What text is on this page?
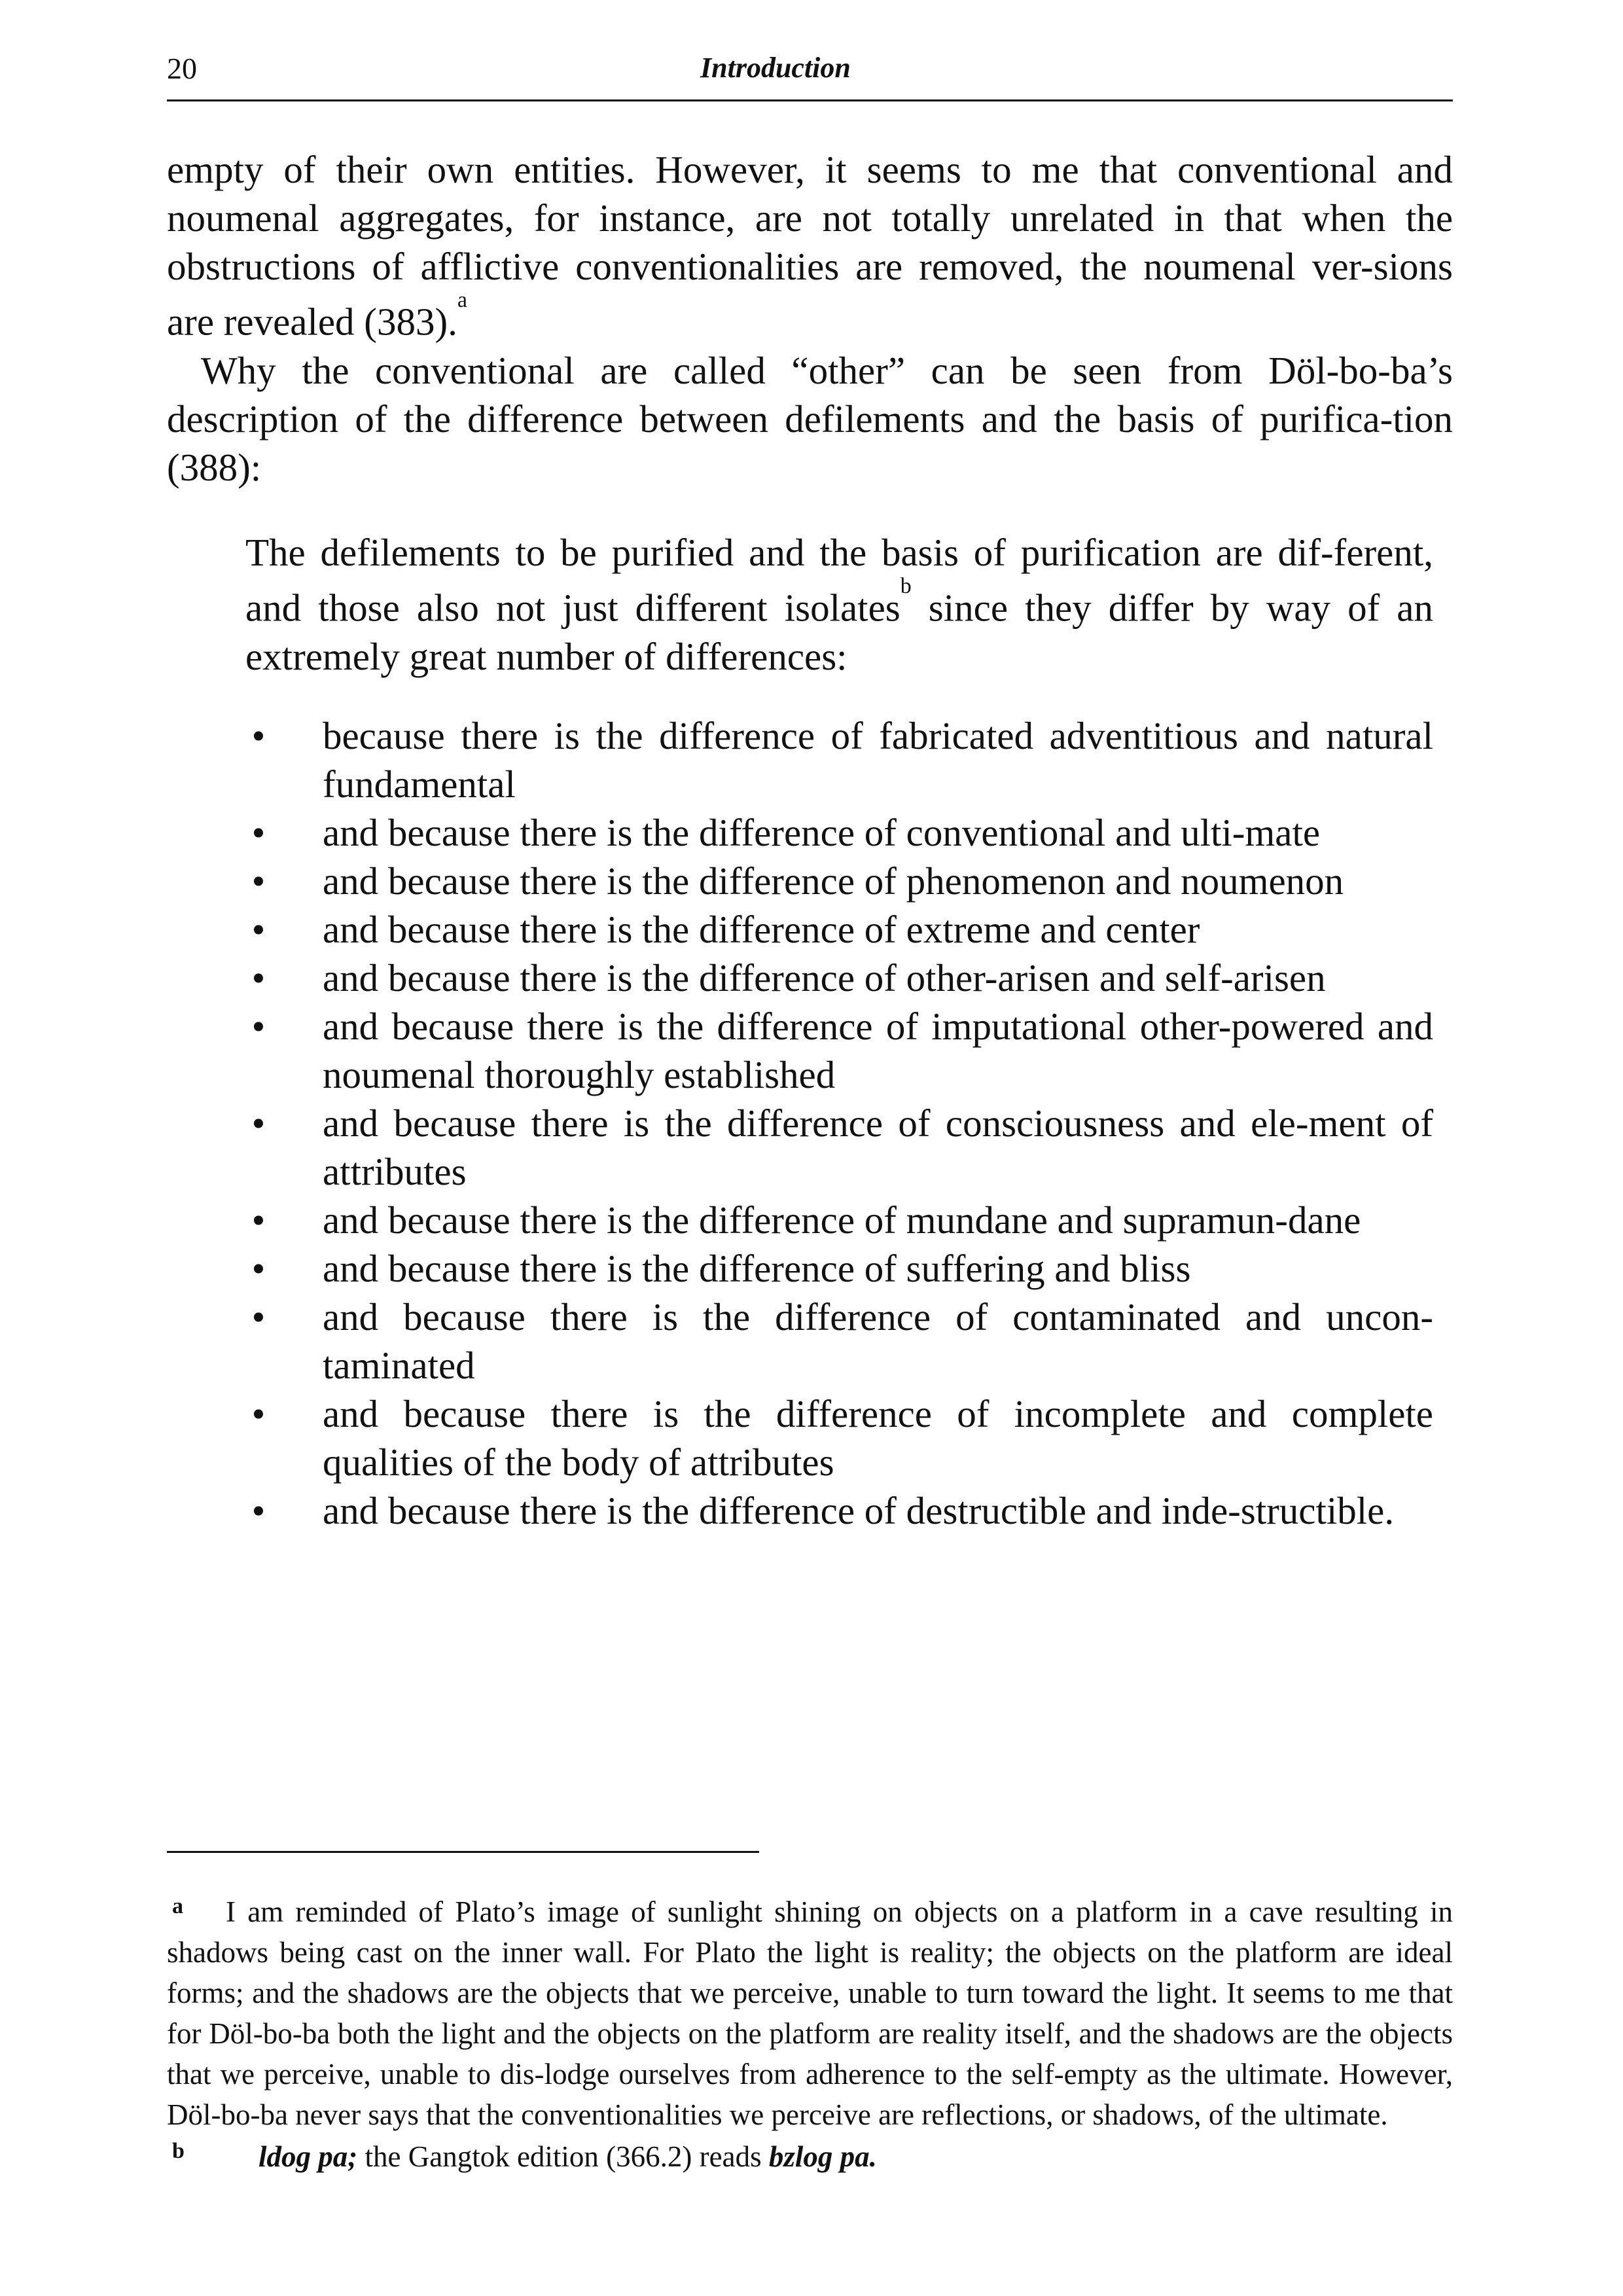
20	Introduction

empty of their own entities. However, it seems to me that conventional and noumenal aggregates, for instance, are not totally unrelated in that when the obstructions of afflictive conventionalities are removed, the noumenal ver-sions are revealed (383).$^a$

Why the conventional are called “other” can be seen from Döl-bo-ba’s description of the difference between defilements and the basis of purifica-tion (388):

The defilements to be purified and the basis of purification are dif-ferent, and those also not just different isolates$^b$ since they differ by way of an extremely great number of differences:

• because there is the difference of fabricated adventitious and natural fundamental
• and because there is the difference of conventional and ulti-mate
• and because there is the difference of phenomenon and noumenon
• and because there is the difference of extreme and center
• and because there is the difference of other-arisen and self-arisen
• and because there is the difference of imputational other-powered and noumenal thoroughly established
• and because there is the difference of consciousness and ele-ment of attributes
• and because there is the difference of mundane and supramun-dane
• and because there is the difference of suffering and bliss
• and because there is the difference of contaminated and uncon-taminated
• and because there is the difference of incomplete and complete qualities of the body of attributes
• and because there is the difference of destructible and inde-structible.

a	I am reminded of Plato’s image of sunlight shining on objects on a platform in a cave resulting in shadows being cast on the inner wall. For Plato the light is reality; the objects on the platform are ideal forms; and the shadows are the objects that we perceive, unable to turn toward the light. It seems to me that for Döl-bo-ba both the light and the objects on the platform are reality itself, and the shadows are the objects that we perceive, unable to dis-lodge ourselves from adherence to the self-empty as the ultimate. However, Döl-bo-ba never says that the conventionalities we perceive are reflections, or shadows, of the ultimate.

b	ldog pa; the Gangtok edition (366.2) reads bzlog pa.
